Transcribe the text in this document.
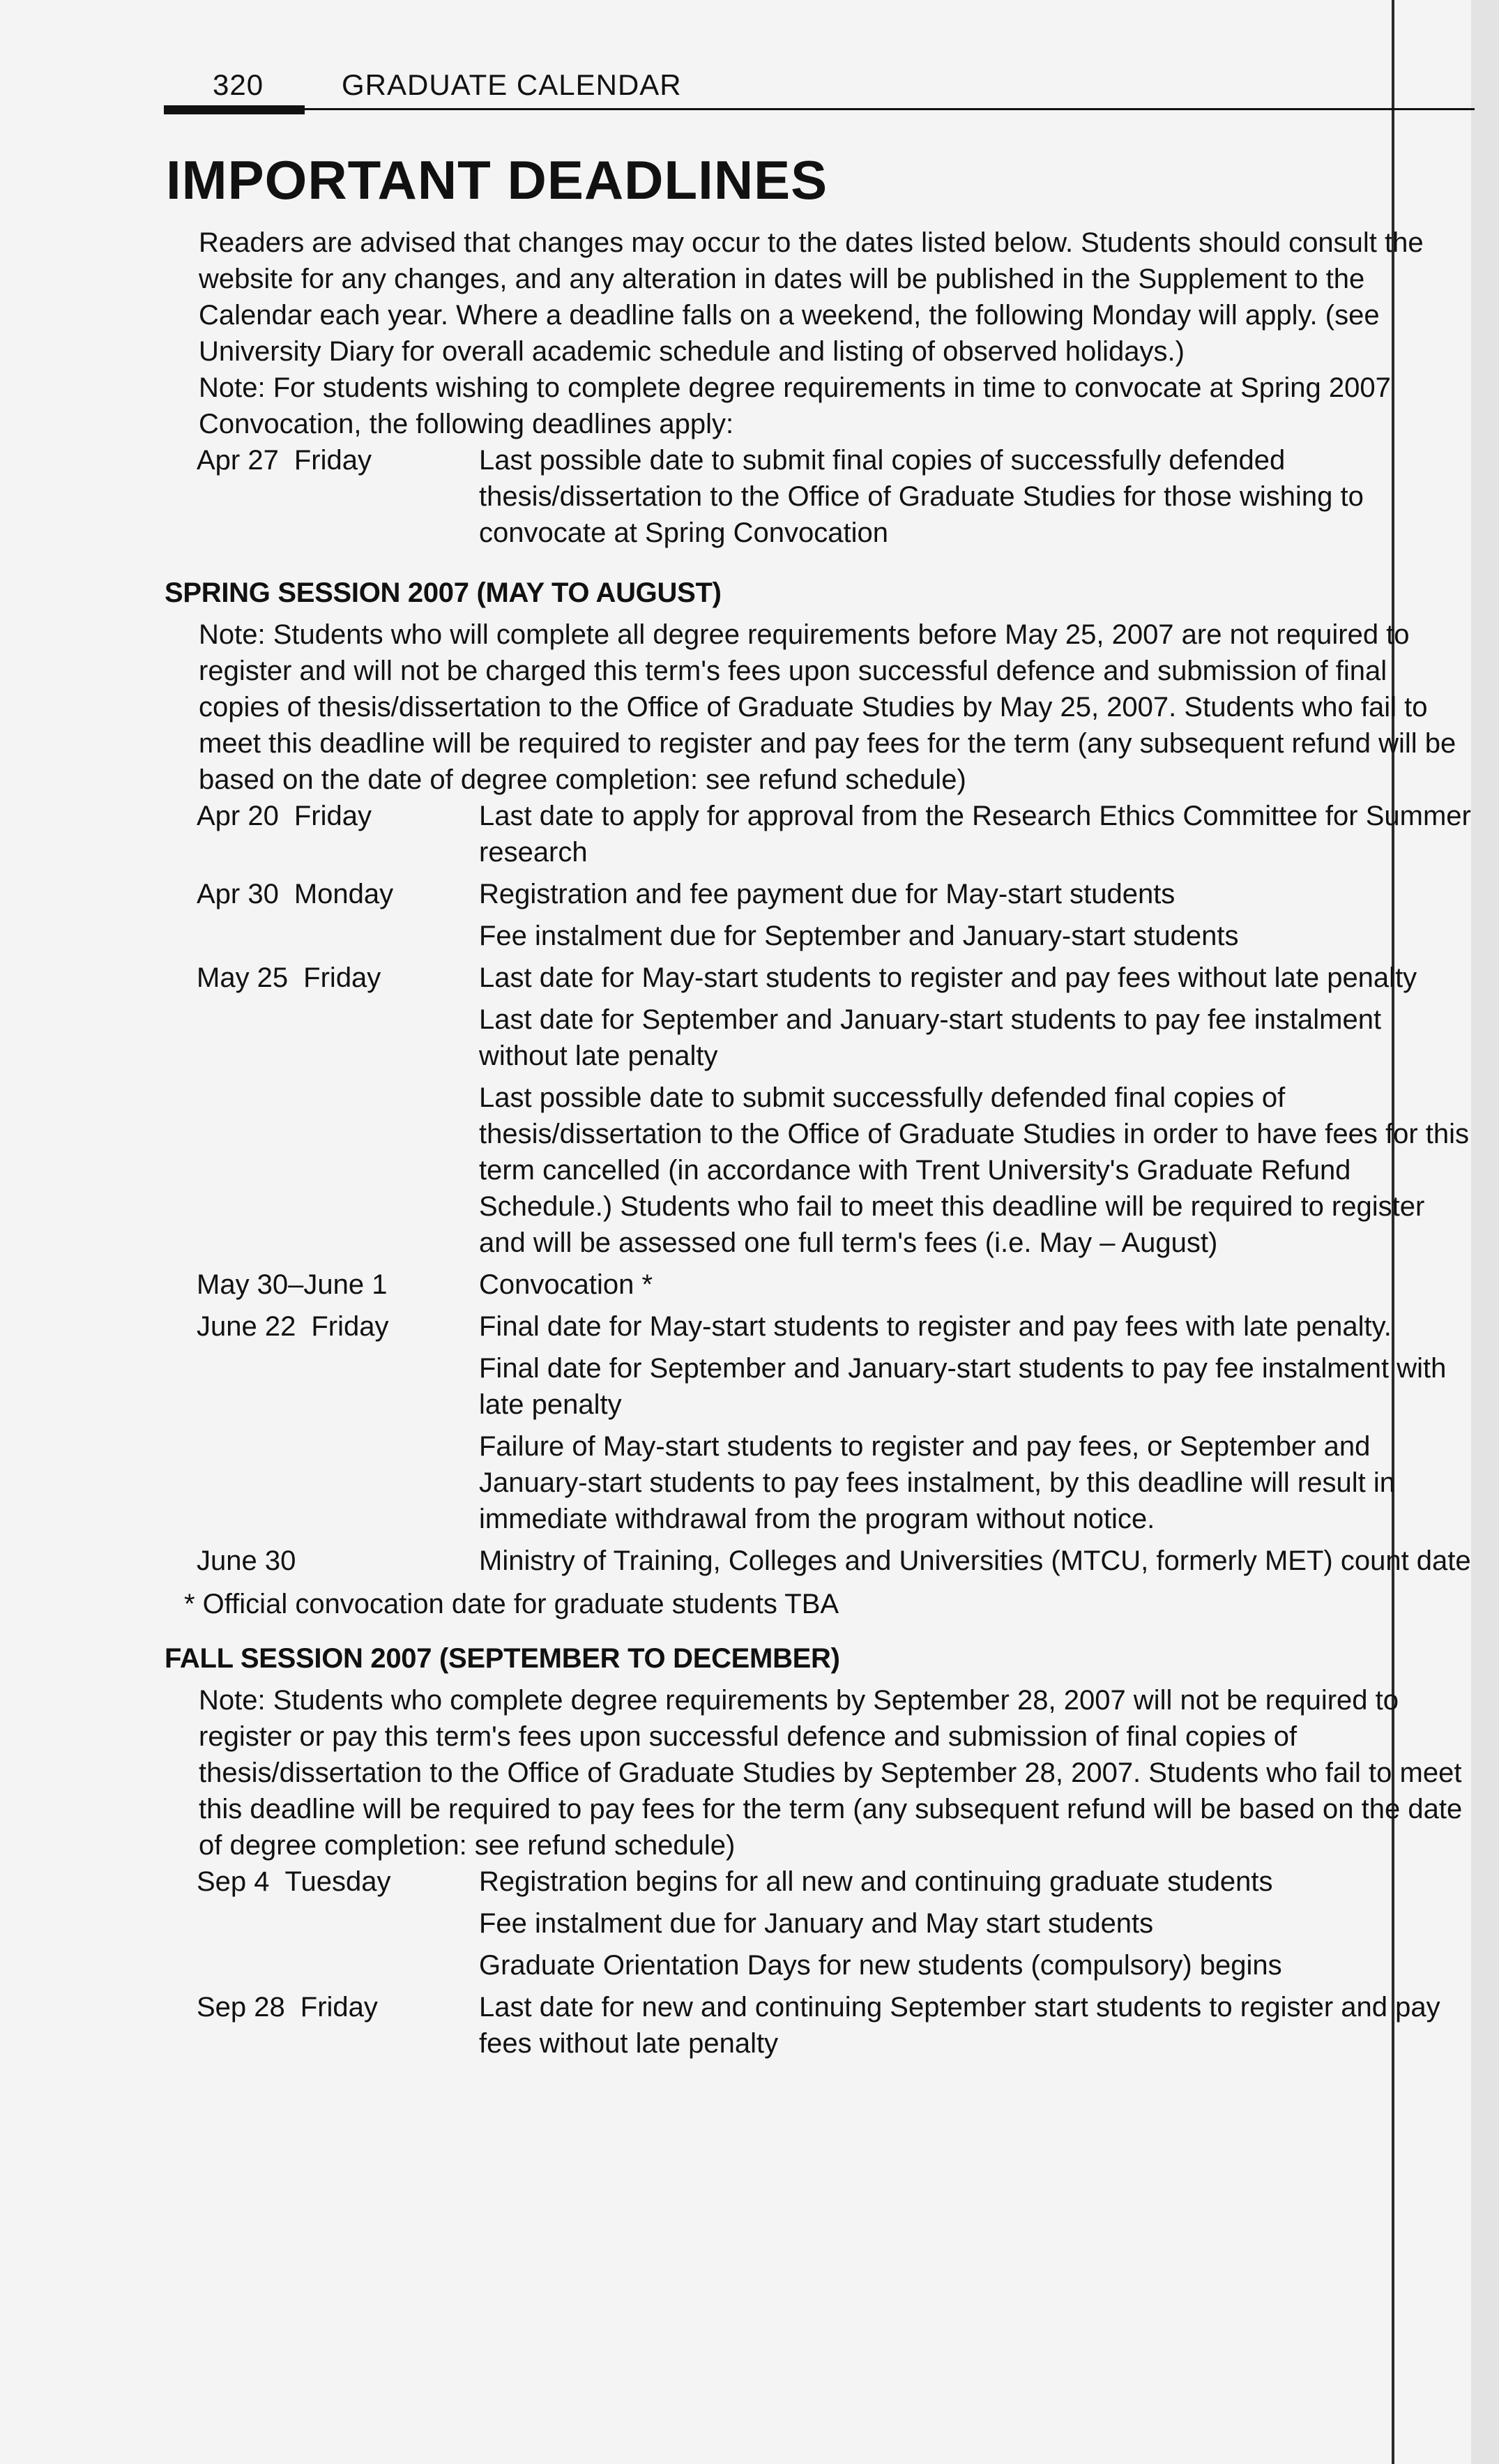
320	GRADUATE CALENDAR
IMPORTANT DEADLINES

Readers are advised that changes may occur to the dates listed below. Students should consult the website for any changes, and any alteration in dates will be published in the Supplement to the Calendar each year. Where a deadline falls on a weekend, the following Monday will apply. (see University Diary for overall academic schedule and listing of observed holidays.)

Note: For students wishing to complete degree requirements in time to convocate at Spring 2007 Convocation, the following deadlines apply:

Apr 27 Friday	Last possible date to submit final copies of successfully defended thesis/dissertation to the Office of Graduate Studies for those wishing to convocate at Spring Convocation
SPRING SESSION 2007 (MAY TO AUGUST)

Note: Students who will complete all degree requirements before May 25, 2007 are not required to register and will not be charged this term's fees upon successful defence and submission of final copies of thesis/dissertation to the Office of Graduate Studies by May 25, 2007. Students who fail to meet this deadline will be required to register and pay fees for the term (any subsequent refund will be based on the date of degree completion: see refund schedule)

Apr 20 Friday	Last date to apply for approval from the Research Ethics Committee for Summer research
Apr 30 Monday	Registration and fee payment due for May-start students
Fee instalment due for September and January-start students
May 25 Friday	Last date for May-start students to register and pay fees without late penalty
Last date for September and January-start students to pay fee instalment without late penalty
Last possible date to submit successfully defended final copies of thesis/dissertation to the Office of Graduate Studies in order to have fees for this term cancelled (in accordance with Trent University's Graduate Refund Schedule.) Students who fail to meet this deadline will be required to register and will be assessed one full term's fees (i.e. May – August)
May 30–June 1	Convocation *
June 22 Friday	Final date for May-start students to register and pay fees with late penalty.
Final date for September and January-start students to pay fee instalment with late penalty
Failure of May-start students to register and pay fees, or September and January-start students to pay fees instalment, by this deadline will result in immediate withdrawal from the program without notice.
June 30	Ministry of Training, Colleges and Universities (MTCU, formerly MET) count date

* Official convocation date for graduate students TBA

FALL SESSION 2007 (SEPTEMBER TO DECEMBER)

Note: Students who complete degree requirements by September 28, 2007 will not be required to register or pay this term's fees upon successful defence and submission of final copies of thesis/dissertation to the Office of Graduate Studies by September 28, 2007. Students who fail to meet this deadline will be required to pay fees for the term (any subsequent refund will be based on the date of degree completion: see refund schedule)

Sep 4 Tuesday	Registration begins for all new and continuing graduate students
Fee instalment due for January and May start students
Graduate Orientation Days for new students (compulsory) begins
Sep 28 Friday	Last date for new and continuing September start students to register and pay fees without late penalty
